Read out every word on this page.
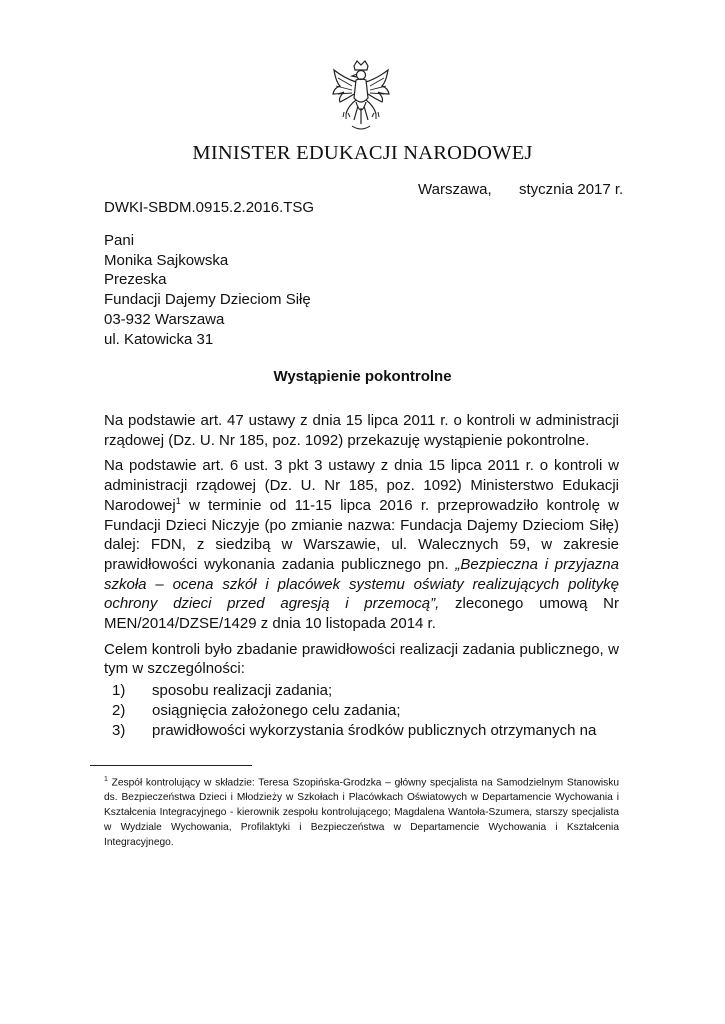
MINISTER EDUKACJI NARODOWEJ
Warszawa, stycznia 2017 r.
DWKI-SBDM.0915.2.2016.TSG
Pani
Monika Sajkowska
Prezeska
Fundacji Dajemy Dzieciom Siłę
03-932 Warszawa
ul. Katowicka 31
Wystąpienie pokontrolne

Na podstawie art. 47 ustawy z dnia 15 lipca 2011 r. o kontroli w administracji rządowej (Dz. U. Nr 185, poz. 1092) przekazuję wystąpienie pokontrolne.

Na podstawie art. 6 ust. 3 pkt 3 ustawy z dnia 15 lipca 2011 r. o kontroli w administracji rządowej (Dz. U. Nr 185, poz. 1092) Ministerstwo Edukacji Narodowej$^1$ w terminie od 11-15 lipca 2016 r. przeprowadziło kontrolę w Fundacji Dzieci Niczyje (po zmianie nazwa: Fundacja Dajemy Dzieciom Siłę) dalej: FDN, z siedzibą w Warszawie, ul. Walecznych 59, w zakresie prawidłowości wykonania zadania publicznego pn. „Bezpieczna i przyjazna szkoła – ocena szkół i placówek systemu oświaty realizujących politykę ochrony dzieci przed agresją i przemocą”, zleconego umową Nr MEN/2014/DZSE/1429 z dnia 10 listopada 2014 r.

Celem kontroli było zbadanie prawidłowości realizacji zadania publicznego, w tym w szczególności:

1) sposobu realizacji zadania;
2) osiągnięcia założonego celu zadania;
3) prawidłowości wykorzystania środków publicznych otrzymanych na
$^1$ Zespół kontrolujący w składzie: Teresa Szopińska-Grodzka – główny specjalista na Samodzielnym Stanowisku ds. Bezpieczeństwa Dzieci i Młodzieży w Szkołach i Placówkach Oświatowych w Departamencie Wychowania i Kształcenia Integracyjnego - kierownik zespołu kontrolującego; Magdalena Wantoła-Szumera, starszy specjalista w Wydziale Wychowania, Profilaktyki i Bezpieczeństwa w Departamencie Wychowania i Kształcenia Integracyjnego.
